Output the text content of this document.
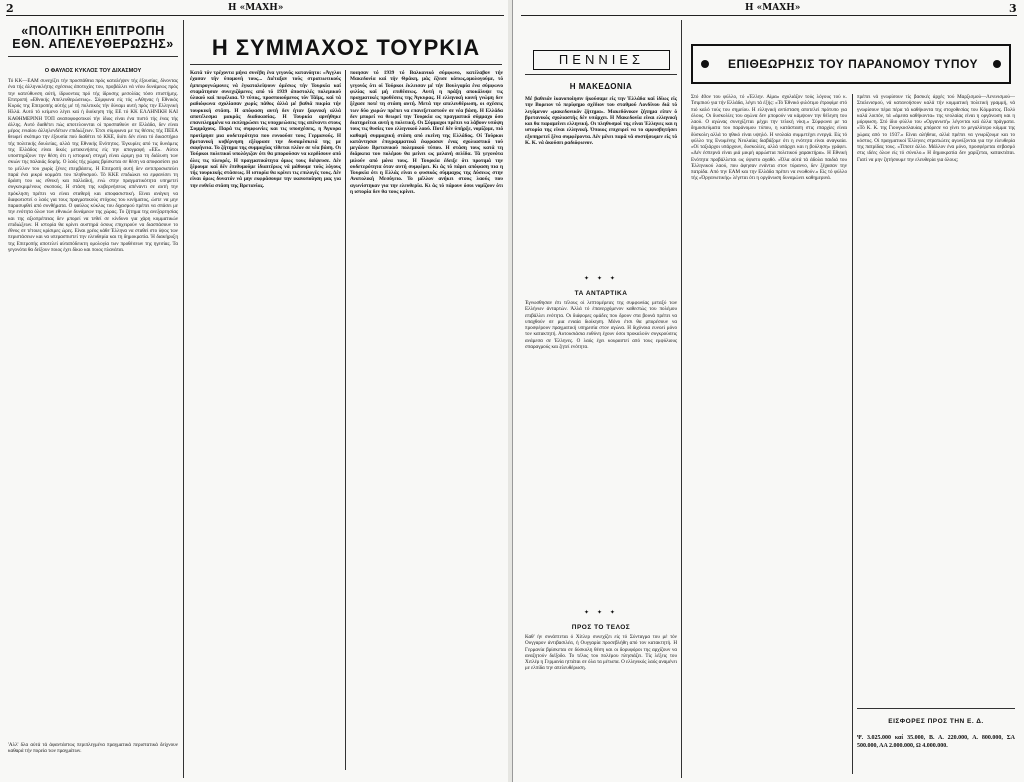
2	Η «ΜΑΧΗ»
«ΠΟΛΙΤΙΚΗ ΕΠΙΤΡΟΠΗ
ΕΘΝ. ΑΠΕΛΕΥΘΕΡΩΣΗΣ»
Ο ΦΑΥΛΟΣ ΚΥΚΛΟΣ ΤΟΥ ΔΙΧΑΣΜΟΥ
Τό ΚΚ—ΕΑΜ συνεχίζει τήν προσπάθεια πρός καταλήψεν τής έξουσίας, δίνοντας ένα τής άλληνικλήτης σχέσεως άποτυχίες του, προβάλλει νά νέου δυνάμεως πρός την κατεύθυνση αύτή, ίδρυοντας πρό τής ίδρυσης μεσολίας τόσο επιστήμης. Επιτροπή «Εθνικής Απελευθερώσεως». Σύμφωνα είς τός «Αθηνας ή Εθνικός Κυρός της Επιτροπής αύτής μέ τή πολιτικός τήν δύναμι αυτή πρός την Ελληνική Ηλλά. Αυτό τό κείμενο λέγει καί ή διοίκηση τής ΕΕ τό ΚΚ ΕΛΛΗΝΙΚΗ ΚΑΙ ΚΑΘΗΜΕΡΙΝΗ ΤΟΠ αναποφοφοτικοί τήν ίδιος είναι ένα πιστό τής ένας τής άλλης. Αυτό διαθέτει πώς αποτελουνται οί προσπαθούν σε Ελλάδα, δεν είναι μέρος ενιαίου άλληλενδέτων επιδιώξεων. Έτσι σύμφωνα με τις θέσεις τής ΠΕΕΑ θεωρεί σκόπιμο την έξουσία πού διαθέτει τό ΚΚΕ, διότι δέν είναι τό δικαστήριο τής πολιτικής δουλείας, αλλά της Εθνικής Ενότητος. Έγκυρίες από τις δυνάμεις της Ελλάδος είναι δικός μετακινήσεις είς την απογραφή «ΕΕ». Αύτοι υποστηρίζουν την θέση ότι η ιστορική στιγμή είναι ώριμη για τη διάλυση των σκιών της παλαιάς δομής. Ο λαός τής χώρας βρίσκεται σε θέση να αποφασίσει για το μέλλον του χωρίς ξένες επεμβάσεις. Η Επιτροπή αυτή δεν αντιπροσωπεύει παρά ένα μικρό κομμάτι του πληθυσμού. Τό ΚΚΕ επιδιώκει να εμφανίσει τη δράση του ως εθνική και παλλαϊκή, ενώ στην πραγματικότητα υπηρετεί συγκεκριμένους σκοπούς. Η στάση της κυβερνήσεως απέναντι σε αυτή την πρόκληση πρέπει να είναι σταθερή και αποφασιστική. Είναι ανάγκη να διαφωτιστεί ο λαός για τους πραγματικούς στόχους του κινήματος, ώστε να μην παρασυρθεί από συνθήματα. Ο φαύλος κύκλος του διχασμού πρέπει να σπάσει με την ενότητα όλων των εθνικών δυνάμεων της χώρας. Το ζήτημα της ανεξαρτησίας και της αξιοπρέπειας δεν μπορεί να τεθεί σε κίνδυνο για χάρη κομματικών επιδιώξεων. Η ιστορία θα κρίνει αυστηρά όσους επιχειρούν να διασπάσουν το έθνος σε τέτοιες κρίσιμες ώρες. Είναι χρέος κάθε Έλληνα να σταθεί στο ύψος των περιστάσεων και να υπερασπιστεί την ελευθερία και τη δημοκρατία. Ή διακήρυξη της Επιτροπής αποτελεί αύταπόδεικτη ομολογία των προθέσεων της ηγεσίας. Τα γεγονότα θα δείξουν ποιος έχει δίκιο και ποιος πλανάται.
'Αλλ' δλα αύτά τά άφαντάστως περιπλεγμένα πραγματικά περιστατικά δείχνουν καθαρά τήν πορεία των πραγμάτων.
Η ΣΥΜΜΑΧΟΣ ΤΟΥΡΚΙΑ
Κατά τόν τρέχοντα μήνα συνέβη ένα γεγονός κατανόητο: «Άγγλοι έχασαν τήν ύπομονή τους... Διέταξαν τούς στρατιωτικούς έμπειρογνώμονες νά έγκαταλείψουν όμέσως τήν Τουρκία καί σταμάτησαν συνεχιζόμενες από τό 1939 άποστολές πολεμικού ύλικού καί πεφέλαια. Ό τύπος, προσποιούμενος τόν Τάϊμς, καί τά ραδιόφωνα σχολίασαν χωρίς πάθος άλλά μέ βαθιά πικρία τήν τουρκική στάση. Η απόφαση αυτή δεν ήταν ξαφνική αλλά αποτέλεσμα μακράς διαδικασίας. Η Τουρκία αρνήθηκε επανειλημμένα να εκπληρώσει τις υποχρεώσεις της απέναντι στους Συμμάχους. Παρά τις συμφωνίες και τις υποσχέσεις, η Άγκυρα προτίμησε μια ουδετερότητα που ευνοούσε τους Γερμανούς. Η βρετανική κυβέρνηση εξέφρασε την δυσαρέσκειά της με σαφήνεια. Το ζήτημα της συμμαχίας τίθεται πλέον σε νέα βάση. Οι Τούρκοι πολιτικοί υπολόγιζαν ότι θα μπορούσαν να κερδίσουν από όλες τις πλευρές. Η πραγματικότητα όμως τους διέψευσε. Δέν ξέρουμε καί δέν έπιθυμούμε ίδιαιτέρως νά μάθουμε τούς λόγους τής τουρκικής στάσεως. Η ιστορία θα κρίνει τις επιλογές τους. Δέν είναι όμως δυνατόν νά μην εκφράσουμε την ικανοποίηση μας για την ευθεία στάση της Βρετανίας.
ποιησαν τό 1939 τό Βαλκανικό σύμφωνο, κατέλαβον τήν Μακεδονία καί τήν Θράκη, μάς έζνισε κόπως,ομολογούμε, τό γεγονός ότι οί Τούρκοι έκλεισαν μέ τήν Βουλγαρία ένα σύμφωνο φιλίας καί μή επιθέσεως. Αυτή η πράξη αποκάλυψε τις πραγματικές προθέσεις της Άγκυρας. Η ελληνική κοινή γνώμη δεν ξέχασε ποτέ τη στάση αυτή. Μετά την απελευθέρωση, οι σχέσεις των δύο χωρών πρέπει να επανεξεταστούν σε νέα βάση. Η Ελλάδα δεν μπορεί να θεωρεί την Τουρκία ως πραγματικό σύμμαχο όσο διατηρείται αυτή η πολιτική. Οι Σύμμαχοι πρέπει να λάβουν υπόψη τους τις θυσίες του ελληνικού λαού. Ποτέ δέν ύπήρξε, νομίζομε, πιό καθαρή συμμαχική στάση από εκείνη της Ελλάδος. Οί Τούρκοι κατάντησαν έπιγραμματικά έκφρασαν ένας σχολιαστικό τού μεγάλου Βρετανικού πολεμικού τύπου. Η στάση τους κατά τη διάρκεια του πολέμου θα μείνει ως μελανή σελίδα. Τά γεγονότα μιλούν από μόνα τους. Η Τουρκία έδειξε ότι προτιμά την ουδετερότητα όταν αυτή συμφέρει. Κι άς τό πάρει απόφαση πια η Τουρκία ότι η Ελλάς είναι ο φυσικός σύμμαχος της Δύσεως στην Ανατολική Μεσόγειο. Το μέλλον ανήκει στους λαούς που αγωνίστηκαν για την ελευθερία. Κι άς τό πάρουν όσοι νομίζουν ότι η ιστορία δεν θα τους κρίνει.
Η «ΜΑΧΗ»	3
ΠΕΝΝΙΕΣ
Η ΜΑΚΕΔΟΝΙΑ
Μέ βαθειάν ίκανοποίησιν ήκούσαμε είς την Έλλάδα καί ίδίως είς την Βορειον τό περίφημο σχέδιον του σταθμού Λονδίνου διά τό λεγόμενον «μακεδονικόν ζήτημα». Μακεδόνικον ζήτημα είπεν ό βρετανικός σχολιαστής δέν υπάρχει. Η Μακεδονία είναι ελληνική και θα παραμείνει ελληνική. Οι πληθυσμοί της είναι Έλληνες και η ιστορία της είναι ελληνική. Όποιος επιχειρεί να το αμφισβητήσει εξυπηρετεί ξένα συμφέροντα. Δέν μένει παρά νά συστήσωμεν είς τό Κ. Κ. νά άκούσει ραδιόφωνον.
✦ ✦ ✦
ΤΑ ΑΝΤΑΡΤΙΚΑ
Έγνωσθησαν έπι τέλους οί λεπτομέρειες της συμφωνίας μεταξύ των Ελλήνων άνταρτών. Άλλά τό έπανερχόμενον καθεστώς του πολέμου επιβάλλει ενότητα. Οι διάφορες ομάδες που δρουν στα βουνά πρέπει να υπαχθούν σε μια ενιαία διοίκηση. Μόνο έτσι θα μπορέσουν να προσφέρουν πραγματική υπηρεσία στον αγώνα. Η διχόνοια ευνοεί μόνο τον κατακτητή. Αυτουσιάσια ευθύνη έχουν όσοι προκαλούν συγκρούσεις ανάμεσα σε Έλληνες. Ο λαός έχει κουραστεί από τους εμφύλιους σπαραγμούς και ζητεί ενότητα.
✦ ✦ ✦
ΠΡΟΣ ΤΟ ΤΕΛΟΣ
Καθ' ήν συνάπτεται ό Χίτλερ συνεχίζει είς τό Σύνταγμα του μέ τόν Ουγγαρον άντιβασιλέα, ή Ουγγαρία προσεβλήθη από τον κατακτητή. Η Γερμανία βρίσκεται σε δύσκολη θέση και οι δορυφόροι της αρχίζουν να αναζητούν διέξοδο. Το τέλος του πολέμου πλησιάζει. Τίς λέξεις του Χιτλέρ η Γερμανία ηττάται σε όλα τα μέτωπα. Ο ελληνικός λαός αναμένει με ελπίδα την απελευθέρωση.
ΕΠΙΘΕΩΡΗΣΙΣ ΤΟΥ ΠΑΡΑΝΟΜΟΥ ΤΥΠΟΥ
Στό 40ον του φύλλο, τό «Έλλην. Αίμα» σχολιάζον τούς λόγους τού κ. Τσιμπιού για τήν Ελλάδα, λέγει τά έξής: «Τό Έθνικό φιλότιμο έτροφίμε στό πιό καλό τούς του σημείου. Η ελληνική αντίσταση αποτελεί πρότυπο για όλους. Οι δυσκολίες του αγώνα δεν μπορούν να κάμψουν την θέληση του λαού. Ο αγώνας συνεχίζεται μέχρι την τελική νίκη.» Σύμφωνα με τα δημοσιεύματα του παράνομου τύπου, η κατάσταση στις επαρχίες είναι δύσκολη αλλά το ηθικό είναι υψηλό. Η νεολαία συμμετέχει ενεργά. Είς τό φύλλο της Ενωμένης Νεολαίας διαβάζομε ότι η ενότητα είναι αναγκαία. «Οί ταξιάρχοι υπάρχουν, δυσκολίες, αλλά υπάρχει και η βούληση» γράφει. «Δέν έσπερνά είναι μιά μικρή αρρώστια πολιτικού χαρακτήρα». Η Εθνική Ενότητα προβάλλεται ως ύψιστο αγαθό. «Όλα αύτά τά άδολα παιδιά του Έλληνικού λαού, που άφησαν ενάντια στον τύραννο, δεν ξέχασαν την πατρίδα. Από την ΕΑΜ και την Ελλάδα πρέπει να ενωθούν.» Είς τό φύλλο τής «Όργανωτικής» λέγεται ότι η οργάνωση δυναμώνει καθημερινά.
πρέπει νά γνωρίσουν τίς βασικές άρχές τού Μαρξισμού—Λενινισμού—Σταλινισμού, νά κατανοήσουν καλά τήν κομματική πολιτική γραμμή, νά γνωρίσουν πέρα πέρα τά καθήκοντα της στοχοθεσίας του Κόμματος. Πολύ καλά λοιπόν, τά «άμεσα καθήκοντα» της νεολαίας είναι η οργάνωση και η μόρφωση. Στό ίδιο φύλλο του «Οργανωτή» λέγονται καί άλλα πράγματα. «Τό Κ. Κ. της Γιουγκοσλαυίας μπόρεσε να γίνει το μεγαλύτερο κόμμα της χώρας από το 1937.» Είναι αλήθεια, αλλά πρέπει να γνωρίζουμε και το κόστος. Οί πραγματικοί Έλληνες στρατιώτες αγωνίζονται για την ελευθερία της πατρίδας τους. «Τίποτε άλλο. Μάλλον ένα μόνο, προσφέρεται σεβασμό στις ιδέες όλων είς τό σύνολο.» Η δημοκρατία δεν χαρίζεται, κατακτάται. Γιατί να μην ζητήσουμε την ελευθερία για όλους;
ΕΙΣΦΟΡΕΣ ΠΡΟΣ ΤΗΝ Ε. Δ.
Ψ. 3.025.000 καί 35.000, Β. Α. 220.000, Α. 800.000, ΣΑ 500.000, ΑΑ 2.000.000, Ω 4.000.000.
